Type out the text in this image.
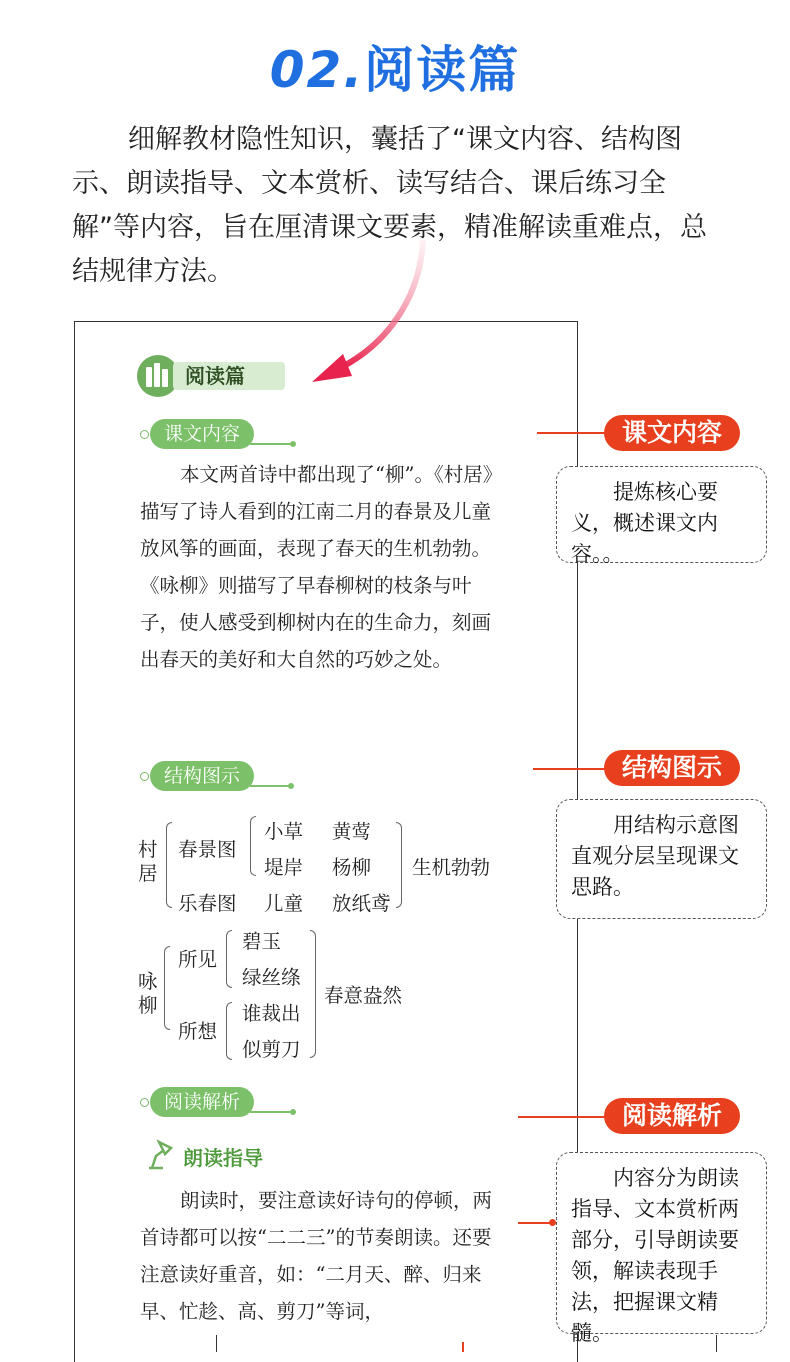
02.阅读篇

细解教材隐性知识，囊括了“课文内容、结构图示、朗读指导、文本赏析、读写结合、课后练习全解”等内容，旨在厘清课文要素，精准解读重难点，总结规律方法。

阅读篇
课文内容

本文两首诗中都出现了“柳”。《村居》描写了诗人看到的江南二月的春景及儿童放风筝的画面，表现了春天的生机勃勃。《咏柳》则描写了早春柳树的枝条与叶子，使人感受到柳树内在的生命力，刻画出春天的美好和大自然的巧妙之处。

结构图示
村居
春景图
小草 黄莺
堤岸 杨柳
乐春图 儿童 放纸鸢
生机勃勃
咏柳
所见
碧玉
绿丝绦
所想
谁裁出
似剪刀
春意盎然
阅读解析
朗读指导

朗读时，要注意读好诗句的停顿，两首诗都可以按“二二三”的节奏朗读。还要注意读好重音，如：“二月天、醉、归来早、忙趁、高、剪刀”等词，

课文内容

提炼核心要义，概述课文内容。。

结构图示

用结构示意图直观分层呈现课文思路。

阅读解析

内容分为朗读指导、文本赏析两部分，引导朗读要领，解读表现手法，把握课文精髓。
